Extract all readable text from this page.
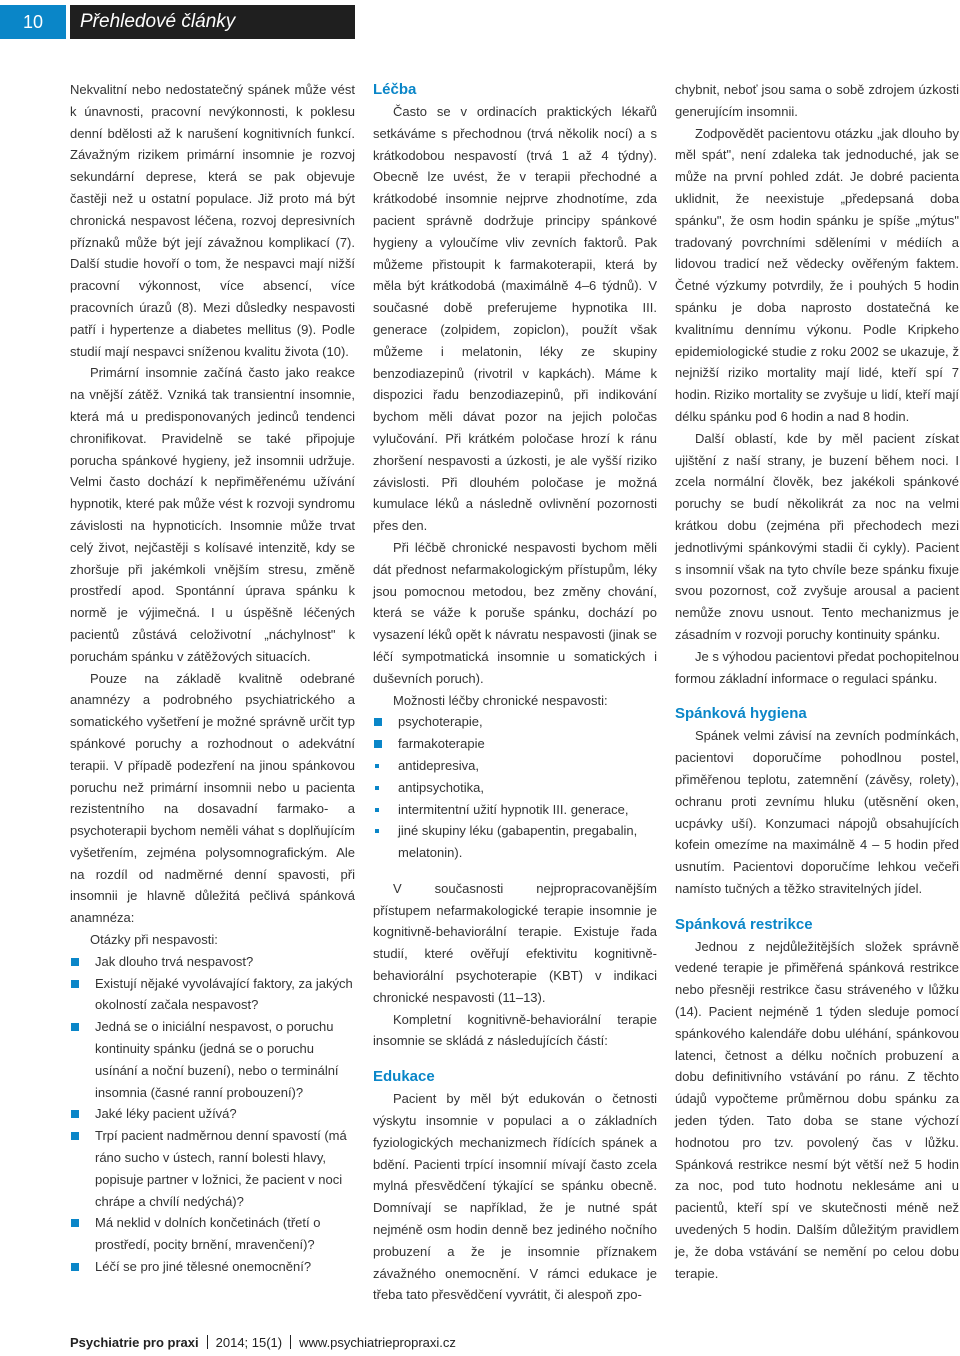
10	Přehledové články

Nekvalitní nebo nedostatečný spánek může vést k únavnosti, pracovní nevýkonnosti, k poklesu denní bdělosti až k narušení kognitivních funkcí. Závažným rizikem primární insomnie je rozvoj sekundární deprese, která se pak objevuje častěji než u ostatní populace. Již proto má být chronická nespavost léčena, rozvoj depresivních příznaků může být její závažnou komplikací (7). Další studie hovoří o tom, že nespavci mají nižší pracovní výkonnost, více absencí, více pracovních úrazů (8). Mezi důsledky nespavosti patří i hypertenze a diabetes mellitus (9). Podle studií mají nespavci sníženou kvalitu života (10).

Primární insomnie začíná často jako reakce na vnější zátěž. Vzniká tak transientní insomnie, která má u predisponovaných jedinců tendenci chronifikovat. Pravidelně se také připojuje porucha spánkové hygieny, jež insomnii udržuje. Velmi často dochází k nepřiměřenému užívání hypnotik, které pak může vést k rozvoji syndromu závislosti na hypnoticích. Insomnie může trvat celý život, nejčastěji s kolísavé intenzitě, kdy se zhoršuje při jakémkoli vnějším stresu, změně prostředí apod. Spontánní úprava spánku k normě je výjimečná. I u úspěšně léčených pacientů zůstává celoživotní „náchylnost" k poruchám spánku v zátěžových situacích.

Pouze na základě kvalitně odebrané anamnézy a podrobného psychiatrického a somatického vyšetření je možné správně určit typ spánkové poruchy a rozhodnout o adekvátní terapii. V případě podezření na jinou spánkovou poruchu než primární insomnii nebo u pacienta rezistentního na dosavadní farmako- a psychoterapii bychom neměli váhat s doplňujícím vyšetřením, zejména polysomnografickým. Ale na rozdíl od nadměrné denní spavosti, při insomnii je hlavně důležitá pečlivá spánková anamnéza:

Otázky při nespavosti:

Jak dlouho trvá nespavost?
Existují nějaké vyvolávající faktory, za jakých okolností začala nespavost?
Jedná se o iniciální nespavost, o poruchu kontinuity spánku (jedná se o poruchu usínání a noční buzení), nebo o terminální insomnia (časné ranní probouzení)?
Jaké léky pacient užívá?
Trpí pacient nadměrnou denní spavostí (má ráno sucho v ústech, ranní bolesti hlavy, popisuje partner v ložnici, že pacient v noci chrápe a chvílí nedýchá)?
Má neklid v dolních končetinách (třetí o prostředí, pocity brnění, mravenčení)?
Léčí se pro jiné tělesné onemocnění?
Léčba

Často se v ordinacích praktických lékařů setkáváme s přechodnou (trvá několik nocí) a s krátkodobou nespavostí (trvá 1 až 4 týdny). Obecně lze uvést, že v terapii přechodné a krátkodobé insomnie nejprve zhodnotíme, zda pacient správně dodržuje principy spánkové hygieny a vyloučíme vliv zevních faktorů. Pak můžeme přistoupit k farmakoterapii, která by měla být krátkodobá (maximálně 4–6 týdnů). V současné době preferujeme hypnotika III. generace (zolpidem, zopiclon), použít však můžeme i melatonin, léky ze skupiny benzodiazepinů (rivotril v kapkách). Máme k dispozici řadu benzodiazepinů, při indikování bychom měli dávat pozor na jejich poločas vylučování. Při krátkém poločase hrozí k ránu zhoršení nespavosti a úzkosti, je ale vyšší riziko závislosti. Při dlouhém poločase je možná kumulace léků a následně ovlivnění pozornosti přes den.

Při léčbě chronické nespavosti bychom měli dát přednost nefarmakologickým přístupům, léky jsou pomocnou metodou, bez změny chování, která se váže k poruše spánku, dochází po vysazení léků opět k návratu nespavosti (jinak se léčí sympotmatická insomnie u somatických i duševních poruch).

Možnosti léčby chronické nespavosti:

psychoterapie,
farmakoterapie
antidepresiva,
antipsychotika,
intermitentní užití hypnotik III. generace,
jiné skupiny léku (gabapentin, pregabalin, melatonin).

V současnosti nejpropracovanějším přístupem nefarmakologické terapie insomnie je kognitivně-behaviorální terapie. Existuje řada studií, které ověřují efektivitu kognitivně-behaviorální psychoterapie (KBT) v indikaci chronické nespavosti (11–13).

Kompletní kognitivně-behaviorální terapie insomnie se skládá z následujících částí:

Edukace

Pacient by měl být edukován o četnosti výskytu insomnie v populaci a o základních fyziologických mechanizmech řídících spánek a bdění. Pacienti trpící insomnií mívají často zcela mylná přesvědčení týkající se spánku obecně. Domnívají se například, že je nutné spát nejméně osm hodin denně bez jediného nočního probuzení a že je insomnie příznakem závažného onemocnění. V rámci edukace je třeba tato přesvědčení vyvrátit, či alespoň zpo-

chybnit, neboť jsou sama o sobě zdrojem úzkosti generujícím insomnii.

Zodpovědět pacientovu otázku „jak dlouho by měl spát", není zdaleka tak jednoduché, jak se může na první pohled zdát. Je dobré pacienta uklidnit, že neexistuje „předepsaná doba spánku", že osm hodin spánku je spíše „mýtus" tradovaný povrchními sděleními v médiích a lidovou tradicí než vědecky ověřeným faktem. Četné výzkumy potvrdily, že i pouhých 5 hodin spánku je doba naprosto dostatečná ke kvalitnímu dennímu výkonu. Podle Kripkeho epidemiologické studie z roku 2002 se ukazuje, ž nejnižší riziko mortality mají lidé, kteří spí 7 hodin. Riziko mortality se zvyšuje u lidí, kteří mají délku spánku pod 6 hodin a nad 8 hodin.

Další oblastí, kde by měl pacient získat ujištění z naší strany, je buzení během noci. I zcela normální člověk, bez jakékoli spánkové poruchy se budí několikrát za noc na velmi krátkou dobu (zejména při přechodech mezi jednotlivými spánkovými stadii či cykly). Pacient s insomnií však na tyto chvíle beze spánku fixuje svou pozornost, což zvyšuje arousal a pacient nemůže znovu usnout. Tento mechanizmus je zásadním v rozvoji poruchy kontinuity spánku.

Je s výhodou pacientovi předat pochopitelnou formou základní informace o regulaci spánku.

Spánková hygiena

Spánek velmi závisí na zevních podmínkách, pacientovi doporučíme pohodlnou postel, přiměřenou teplotu, zatemnění (závěsy, rolety), ochranu proti zevnímu hluku (utěsnění oken, ucpávky uší). Konzumaci nápojů obsahujících kofein omezíme na maximálně 4 – 5 hodin před usnutím. Pacientovi doporučíme lehkou večeři namísto tučných a těžko stravitelných jídel.

Spánková restrikce

Jednou z nejdůležitějších složek správně vedené terapie je přiměřená spánková restrikce nebo přesněji restrikce času stráveného v lůžku (14). Pacient nejméně 1 týden sleduje pomocí spánkového kalendáře dobu uléhání, spánkovou latenci, četnost a délku nočních probuzení a dobu definitivního vstávání po ránu. Z těchto údajů vypočteme průměrnou dobu spánku za jeden týden. Tato doba se stane výchozí hodnotou pro tzv. povolený čas v lůžku. Spánková restrikce nesmí být větší než 5 hodin za noc, pod tuto hodnotu neklesáme ani u pacientů, kteří spí ve skutečnosti méně než uvedených 5 hodin. Dalším důležitým pravidlem je, že doba vstávání se nemění po celou dobu terapie.

Psychiatrie pro praxi 2014; 15(1) www.psychiatriepropraxi.cz
